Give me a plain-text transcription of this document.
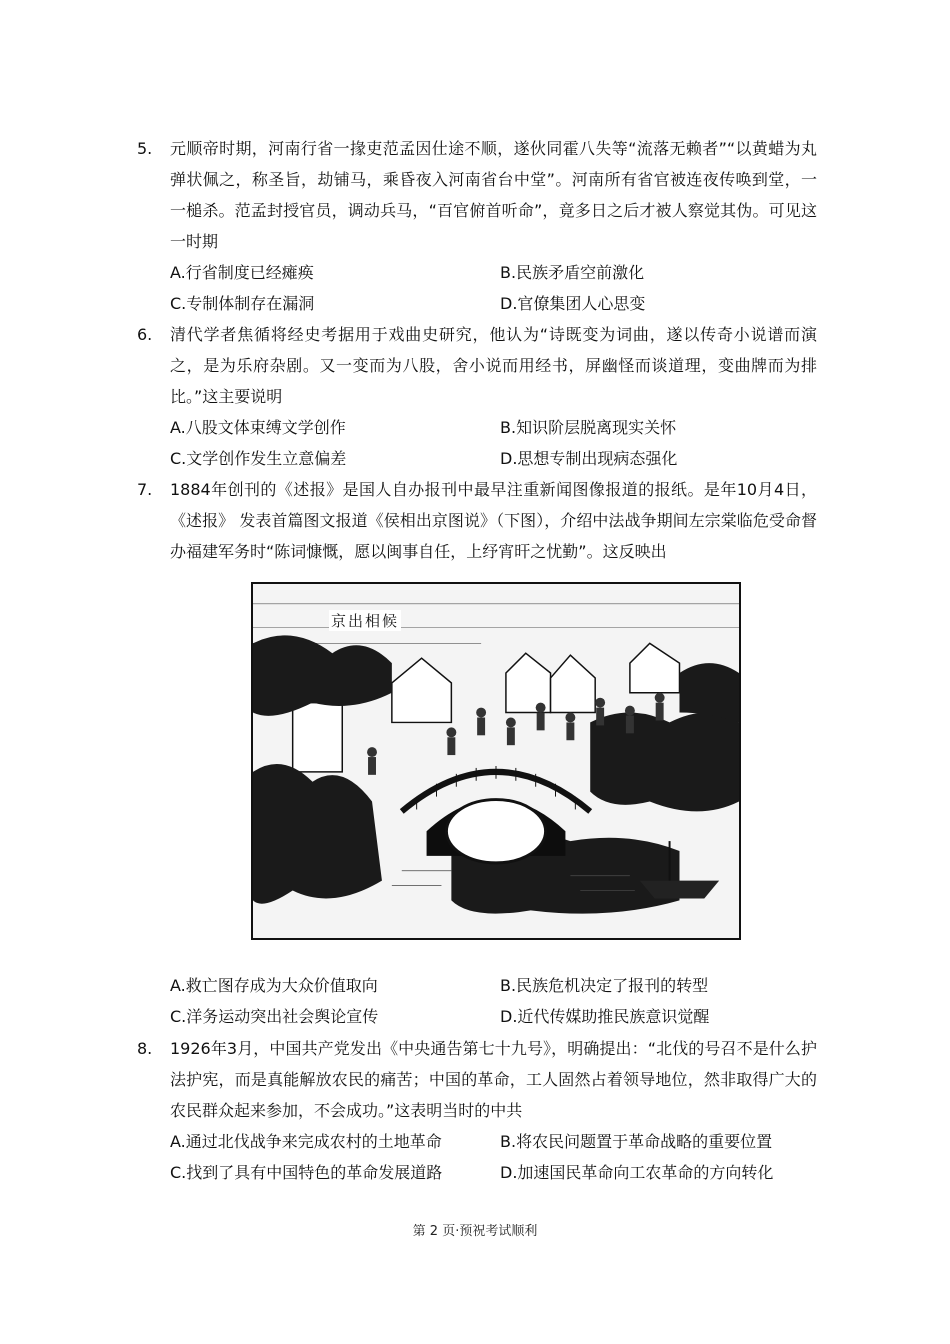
5.	元顺帝时期，河南行省一掾吏范孟因仕途不顺，遂伙同霍八失等“流落无赖者”“以黄蜡为丸弹状佩之，称圣旨，劫铺马，乘昏夜入河南省台中堂”。河南所有省官被连夜传唤到堂，一一槌杀。范孟封授官员，调动兵马，“百官俯首听命”，竟多日之后才被人察觉其伪。可见这一时期
A.行省制度已经瘫痪	B.民族矛盾空前激化
C.专制体制存在漏洞	D.官僚集团人心思变
6.	清代学者焦循将经史考据用于戏曲史研究，他认为“诗既变为词曲，遂以传奇小说谱而演之，是为乐府杂剧。又一变而为八股，舍小说而用经书，屏幽怪而谈道理，变曲牌而为排比。”这主要说明
A.八股文体束缚文学创作	B.知识阶层脱离现实关怀
C.文学创作发生立意偏差	D.思想专制出现病态强化
7.	1884年创刊的《述报》是国人自办报刊中最早注重新闻图像报道的报纸。是年10月4日，《述报》 发表首篇图文报道《侯相出京图说》（下图），介绍中法战争期间左宗棠临危受命督办福建军务时“陈词慷慨，愿以闽事自任，上纾宵旰之忧勤”。这反映出
京出相候
A.救亡图存成为大众价值取向	B.民族危机决定了报刊的转型
C.洋务运动突出社会舆论宣传	D.近代传媒助推民族意识觉醒
8.	1926年3月，中国共产党发出《中央通告第七十九号》，明确提出：“北伐的号召不是什么护法护宪，而是真能解放农民的痛苦；中国的革命，工人固然占着领导地位，然非取得广大的农民群众起来参加，不会成功。”这表明当时的中共
A.通过北伐战争来完成农村的土地革命	B.将农民问题置于革命战略的重要位置
C.找到了具有中国特色的革命发展道路	D.加速国民革命向工农革命的方向转化
第 2 页·预祝考试顺利
